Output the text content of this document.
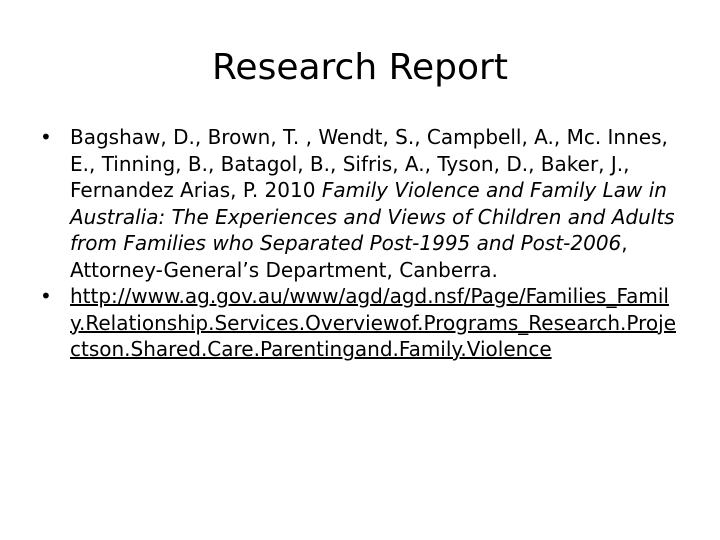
Research Report
•
Bagshaw, D., Brown, T. , Wendt, S., Campbell, A., Mc. Innes, E., Tinning, B., Batagol, B., Sifris, A., Tyson, D., Baker, J., Fernandez Arias, P. 2010 Family Violence and Family Law in Australia: The Experiences and Views of Children and Adults from Families who Separated Post-1995 and Post-2006, Attorney-General’s Department, Canberra.
•
http://www.ag.gov.au/www/agd/agd.nsf/Page/Families_Family.Relationship.Services.Overviewof.Programs_Research.Projectson.Shared.Care.Parentingand.Family.Violence
